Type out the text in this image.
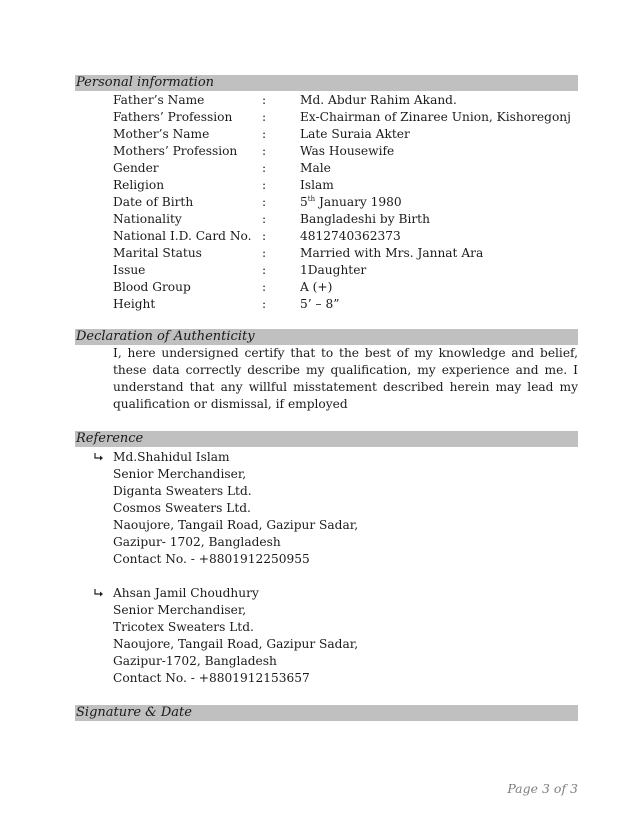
Personal information
Declaration of Authenticity
Reference
Signature & Date
Father’s Name	:	Md. Abdur Rahim Akand.
Fathers’ Profession :	Ex-Chairman of Zinaree Union, Kishoregonj
Mother’s Name	:	Late Suraia Akter
Mothers’ Profession :	Was Housewife
Gender	:	Male
Religion	:	Islam
Date of Birth	:	5th January 1980
Nationality	:	Bangladeshi by Birth
National I.D. Card No. :	4812740362373
Marital Status	:	Married with Mrs. Jannat Ara
Issue	:	1Daughter
Blood Group	:	A (+)
Height	:	5’ – 8”
I, here undersigned certify that to the best of my knowledge and belief, these data correctly describe my qualification, my experience and me. I understand that any willful misstatement described herein may lead my qualification or dismissal, if employed
Md.Shahidul Islam
Senior Merchandiser,
Diganta Sweaters Ltd.
Cosmos Sweaters Ltd.
Naoujore, Tangail Road, Gazipur Sadar,
Gazipur- 1702, Bangladesh
Contact No. - +8801912250955
Ahsan Jamil Choudhury
Senior Merchandiser,
Tricotex Sweaters Ltd.
Naoujore, Tangail Road, Gazipur Sadar,
Gazipur-1702, Bangladesh
Contact No. - +8801912153657
Page 3 of 3
